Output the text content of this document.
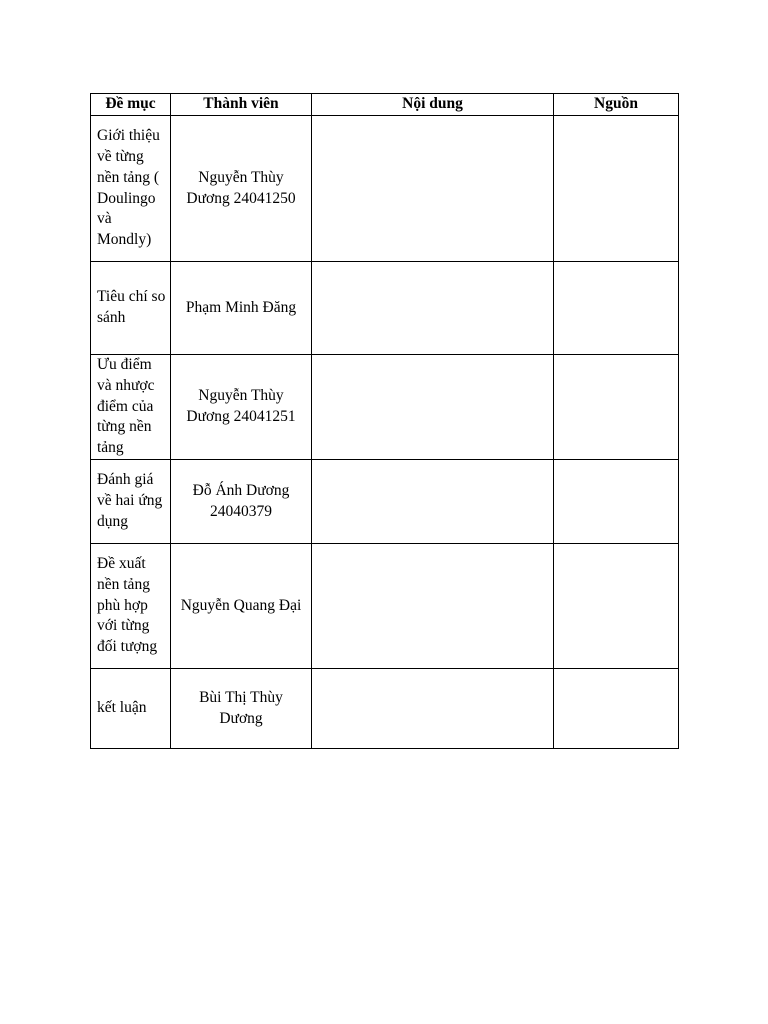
Đề mục	Thành viên	Nội dung	Nguồn
Giới thiệu về từng nền tảng ( Doulingo và Mondly)	Nguyễn Thùy Dương 24041250		
Tiêu chí so sánh	Phạm Minh Đăng		
Ưu điểm và nhược điểm của từng nền tảng	Nguyễn Thùy Dương 24041251		
Đánh giá về hai ứng dụng	Đỗ Ánh Dương 24040379		
Đề xuất nền tảng phù hợp với từng đối tượng	Nguyễn Quang Đại		
kết luận	Bùi Thị Thùy Dương		
